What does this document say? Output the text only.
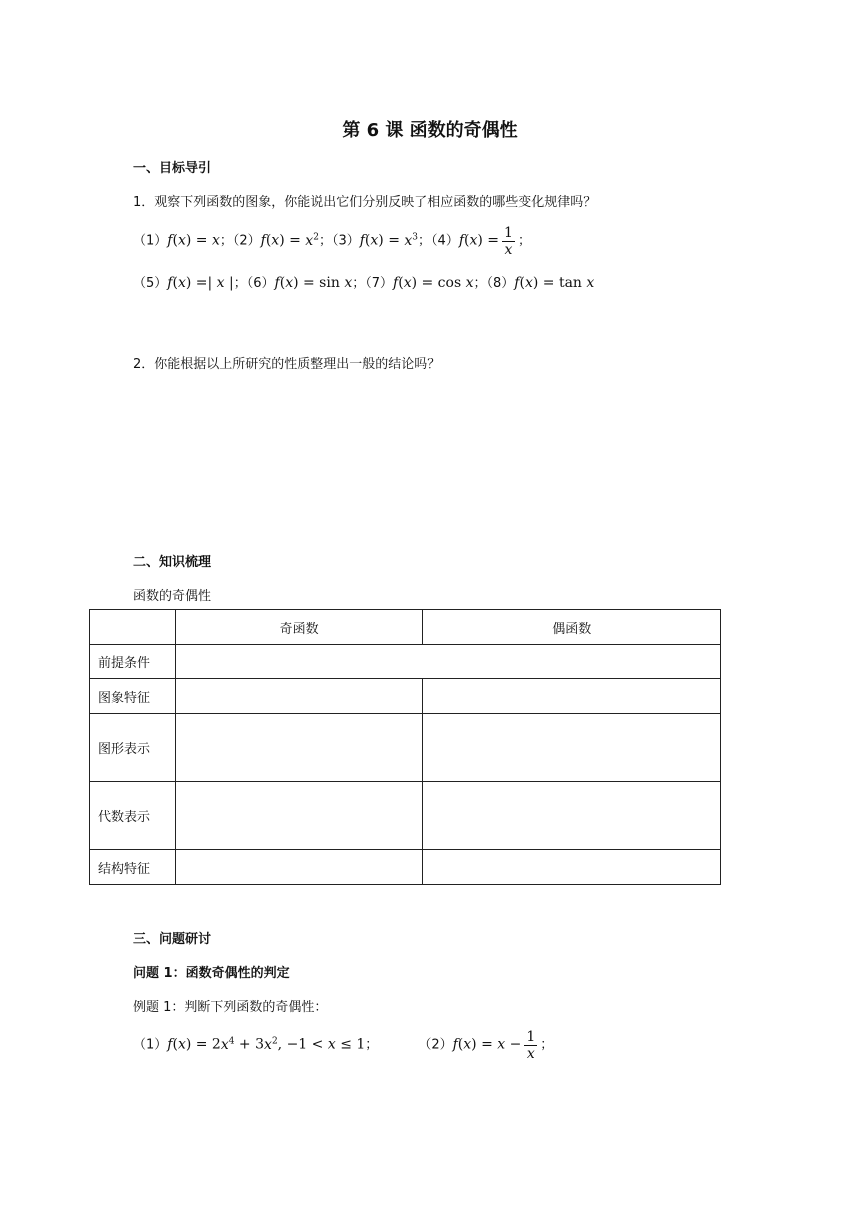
第 6 课 函数的奇偶性
一、目标导引
1．观察下列函数的图象，你能说出它们分别反映了相应函数的哪些变化规律吗？
（1）f(x) = x；$(2)f(x) = x^2$；$(3)f(x) = x^3$；$(4)f(x) = \frac{1}{x}$ ；
（5）f(x) =| x |；（6）f(x) = sin x；（7）f(x) = cos x；（8）f(x) = tan x
2．你能根据以上所研究的性质整理出一般的结论吗？
二、知识梳理
函数的奇偶性
	奇函数	偶函数
前提条件		
图象特征		
图形表示		
代数表示		
结构特征		
三、问题研讨
问题 1：函数奇偶性的判定
例题 1：判断下列函数的奇偶性：
$(1)f(x) = 2x^4 + 3x^2$, −1 < x ≤ 1；	$(2)f(x) = x - \frac{1}{x}$ ；
